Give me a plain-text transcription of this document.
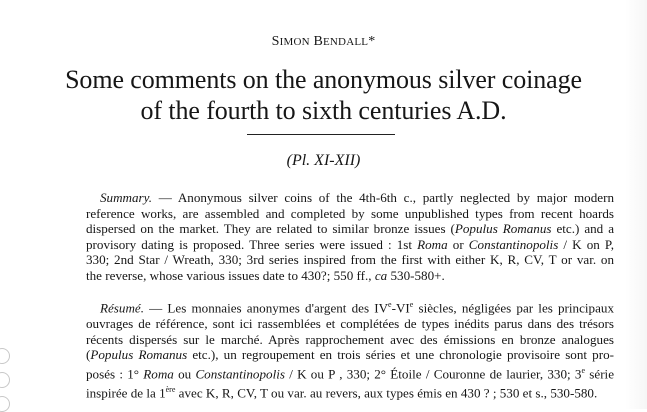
SIMON BENDALL*
Some comments on the anonymous silver coinage
of the fourth to sixth centuries A.D.
(Pl. XI-XII)
Summary. — Anonymous silver coins of the 4th-6th c., partly neglected by major modern
reference works, are assembled and completed by some unpublished types from recent hoards
dispersed on the market. They are related to similar bronze issues (Populus Romanus etc.) and a
provisory dating is proposed. Three series were issued : 1st Roma or Constantinopolis / K on P,
330; 2nd Star / Wreath, 330; 3rd series inspired from the first with either K, R, CV, T or var. on
the reverse, whose various issues date to 430?; 550 ff., ca 530-580+.
Résumé. — Les monnaies anonymes d'argent des IVe-VIe siècles, négligées par les principaux
ouvrages de référence, sont ici rassemblées et complétées de types inédits parus dans des trésors
récents dispersés sur le marché. Après rapprochement avec des émissions en bronze analogues
(Populus Romanus etc.), un regroupement en trois séries et une chronologie provisoire sont pro-
posés : 1° Roma ou Constantinopolis / K ou P , 330; 2° Étoile / Couronne de laurier, 330; 3e série
inspirée de la 1ère avec K, R, CV, T ou var. au revers, aux types émis en 430 ? ; 530 et s., 530-580.
